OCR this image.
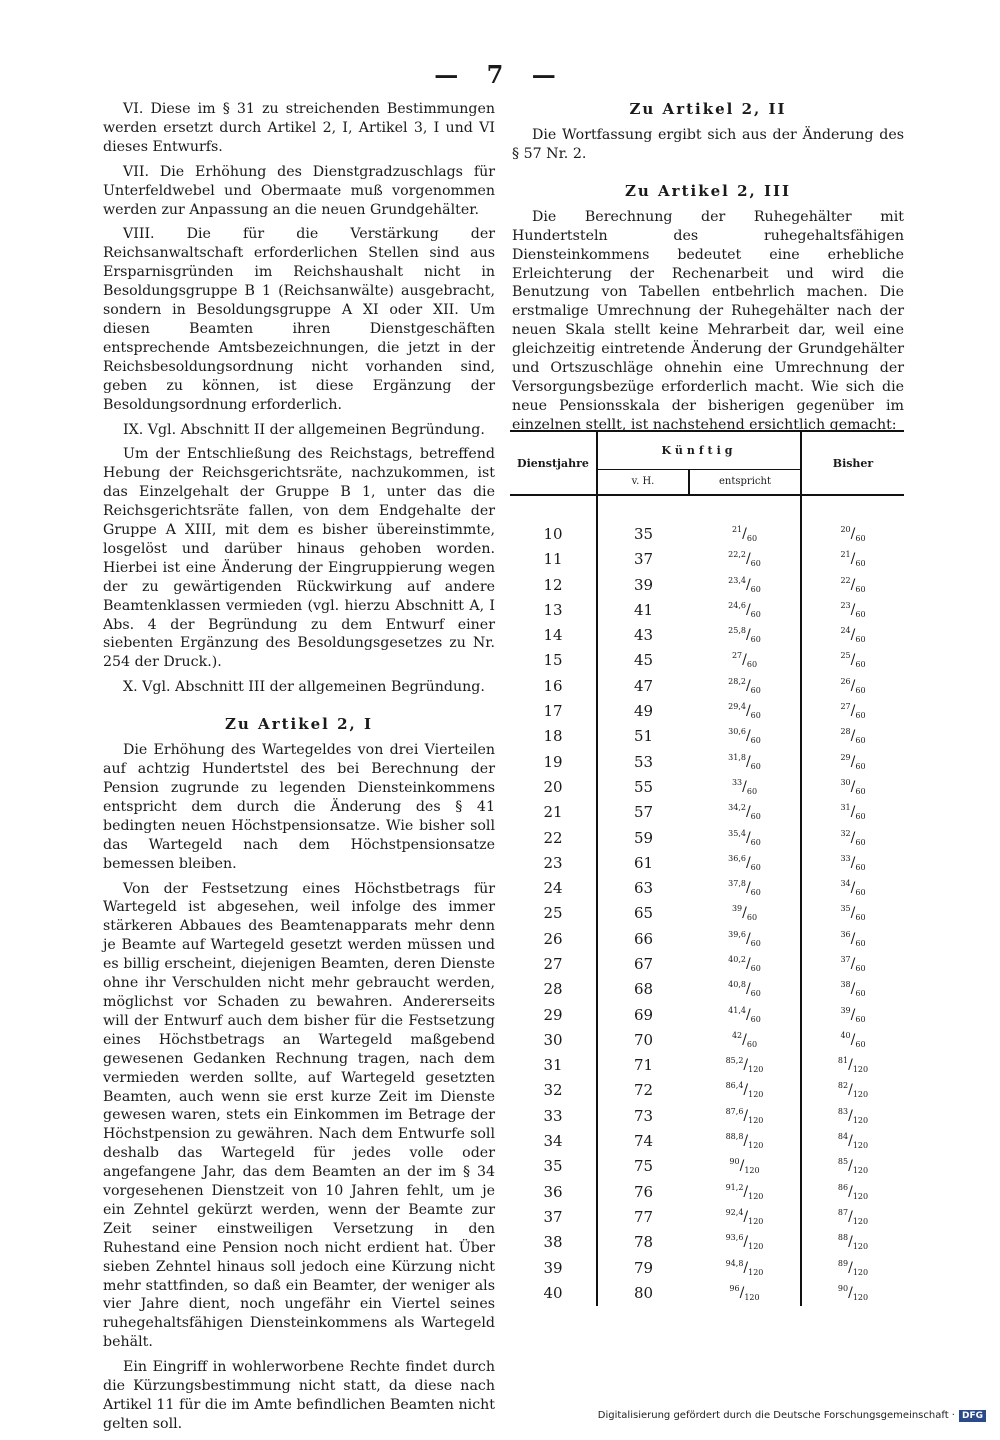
— 7 —

VI. Diese im § 31 zu streichenden Bestimmungen werden ersetzt durch Artikel 2, I, Artikel 3, I und VI dieses Entwurfs.

VII. Die Erhöhung des Dienstgradzuschlags für Unterfeldwebel und Obermaate muß vorgenommen werden zur Anpassung an die neuen Grundgehälter.

VIII. Die für die Verstärkung der Reichsanwaltschaft erforderlichen Stellen sind aus Ersparnisgründen im Reichshaushalt nicht in Besoldungsgruppe B 1 (Reichsanwälte) ausgebracht, sondern in Besoldungsgruppe A XI oder XII. Um diesen Beamten ihren Dienstgeschäften entsprechende Amtsbezeichnungen, die jetzt in der Reichsbesoldungsordnung nicht vorhanden sind, geben zu können, ist diese Ergänzung der Besoldungsordnung erforderlich.

IX. Vgl. Abschnitt II der allgemeinen Begründung.

Um der Entschließung des Reichstags, betreffend Hebung der Reichsgerichtsräte, nachzukommen, ist das Einzelgehalt der Gruppe B 1, unter das die Reichsgerichtsräte fallen, von dem Endgehalte der Gruppe A XIII, mit dem es bisher übereinstimmte, losgelöst und darüber hinaus gehoben worden. Hierbei ist eine Änderung der Eingruppierung wegen der zu gewärtigenden Rückwirkung auf andere Beamtenklassen vermieden (vgl. hierzu Abschnitt A, I Abs. 4 der Begründung zu dem Entwurf einer siebenten Ergänzung des Besoldungsgesetzes zu Nr. 254 der Druck.).

X. Vgl. Abschnitt III der allgemeinen Begründung.

Zu Artikel 2, I

Die Erhöhung des Wartegeldes von drei Vierteilen auf achtzig Hundertstel des bei Berechnung der Pension zugrunde zu legenden Diensteinkommens entspricht dem durch die Änderung des § 41 bedingten neuen Höchstpensionsatze. Wie bisher soll das Wartegeld nach dem Höchstpensionsatze bemessen bleiben.

Von der Festsetzung eines Höchstbetrags für Wartegeld ist abgesehen, weil infolge des immer stärkeren Abbaues des Beamtenapparats mehr denn je Beamte auf Wartegeld gesetzt werden müssen und es billig erscheint, diejenigen Beamten, deren Dienste ohne ihr Verschulden nicht mehr gebraucht werden, möglichst vor Schaden zu bewahren. Andererseits will der Entwurf auch dem bisher für die Festsetzung eines Höchstbetrags an Wartegeld maßgebend gewesenen Gedanken Rechnung tragen, nach dem vermieden werden sollte, auf Wartegeld gesetzten Beamten, auch wenn sie erst kurze Zeit im Dienste gewesen waren, stets ein Einkommen im Betrage der Höchstpension zu gewähren. Nach dem Entwurfe soll deshalb das Wartegeld für jedes volle oder angefangene Jahr, das dem Beamten an der im § 34 vorgesehenen Dienstzeit von 10 Jahren fehlt, um je ein Zehntel gekürzt werden, wenn der Beamte zur Zeit seiner einstweiligen Versetzung in den Ruhestand eine Pension noch nicht erdient hat. Über sieben Zehntel hinaus soll jedoch eine Kürzung nicht mehr stattfinden, so daß ein Beamter, der weniger als vier Jahre dient, noch ungefähr ein Viertel seines ruhegehaltsfähigen Diensteinkommens als Wartegeld behält.

Ein Eingriff in wohlerworbene Rechte findet durch die Kürzungsbestimmung nicht statt, da diese nach Artikel 11 für die im Amte befindlichen Beamten nicht gelten soll.

Zu Artikel 2, II

Die Wortfassung ergibt sich aus der Änderung des § 57 Nr. 2.

Zu Artikel 2, III

Die Berechnung der Ruhegehälter mit Hundertsteln des ruhegehaltsfähigen Diensteinkommens bedeutet eine erhebliche Erleichterung der Rechenarbeit und wird die Benutzung von Tabellen entbehrlich machen. Die erstmalige Umrechnung der Ruhegehälter nach der neuen Skala stellt keine Mehrarbeit dar, weil eine gleichzeitig eintretende Änderung der Grundgehälter und Ortszuschläge ohnehin eine Umrechnung der Versorgungsbezüge erforderlich macht. Wie sich die neue Pensionsskala der bisherigen gegenüber im einzelnen stellt, ist nachstehend ersichtlich gemacht:

Dienstjahre	Künftig		Bisher
	v. H.	entspricht	

10	35	$^{21}/_{60}$	$^{20}/_{60}$
11	37	$^{22,2}/_{60}$	$^{21}/_{60}$
12	39	$^{23,4}/_{60}$	$^{22}/_{60}$
13	41	$^{24,6}/_{60}$	$^{23}/_{60}$
14	43	$^{25,8}/_{60}$	$^{24}/_{60}$
15	45	$^{27}/_{60}$	$^{25}/_{60}$
16	47	$^{28,2}/_{60}$	$^{26}/_{60}$
17	49	$^{29,4}/_{60}$	$^{27}/_{60}$
18	51	$^{30,6}/_{60}$	$^{28}/_{60}$
19	53	$^{31,8}/_{60}$	$^{29}/_{60}$
20	55	$^{33}/_{60}$	$^{30}/_{60}$
21	57	$^{34,2}/_{60}$	$^{31}/_{60}$
22	59	$^{35,4}/_{60}$	$^{32}/_{60}$
23	61	$^{36,6}/_{60}$	$^{33}/_{60}$
24	63	$^{37,8}/_{60}$	$^{34}/_{60}$
25	65	$^{39}/_{60}$	$^{35}/_{60}$
26	66	$^{39,6}/_{60}$	$^{36}/_{60}$
27	67	$^{40,2}/_{60}$	$^{37}/_{60}$
28	68	$^{40,8}/_{60}$	$^{38}/_{60}$
29	69	$^{41,4}/_{60}$	$^{39}/_{60}$
30	70	$^{42}/_{60}$	$^{40}/_{60}$
31	71	$^{85,2}/_{120}$	$^{81}/_{120}$
32	72	$^{86,4}/_{120}$	$^{82}/_{120}$
33	73	$^{87,6}/_{120}$	$^{83}/_{120}$
34	74	$^{88,8}/_{120}$	$^{84}/_{120}$
35	75	$^{90}/_{120}$	$^{85}/_{120}$
36	76	$^{91,2}/_{120}$	$^{86}/_{120}$
37	77	$^{92,4}/_{120}$	$^{87}/_{120}$
38	78	$^{93,6}/_{120}$	$^{88}/_{120}$
39	79	$^{94,8}/_{120}$	$^{89}/_{120}$
40	80	$^{96}/_{120}$	$^{90}/_{120}$
Digitalisierung gefördert durch die Deutsche Forschungsgemeinschaft · DFG
